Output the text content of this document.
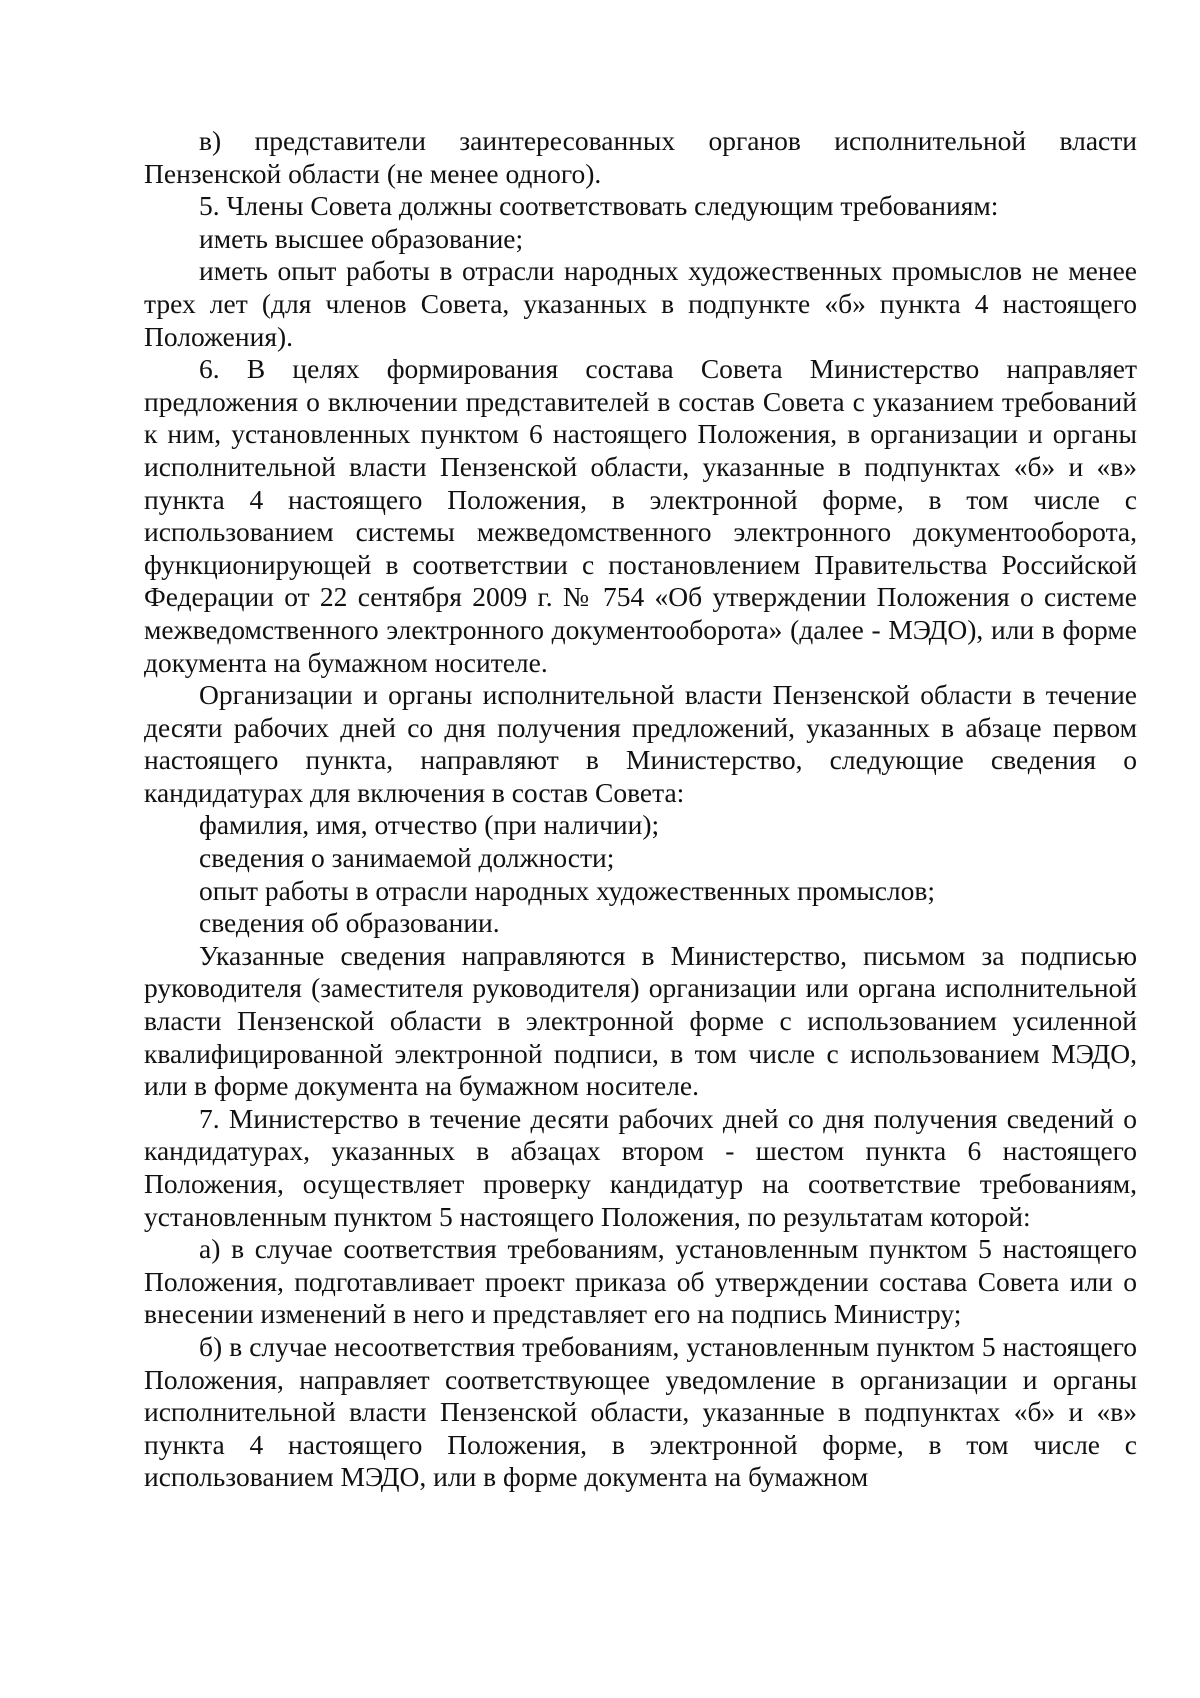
в) представители заинтересованных органов исполнительной власти Пензенской области (не менее одного).

5. Члены Совета должны соответствовать следующим требованиям:

иметь высшее образование;

иметь опыт работы в отрасли народных художественных промыслов не менее трех лет (для членов Совета, указанных в подпункте «б» пункта 4 настоящего Положения).

6. В целях формирования состава Совета Министерство направляет предложения о включении представителей в состав Совета с указанием требований к ним, установленных пунктом 6 настоящего Положения, в организации и органы исполнительной власти Пензенской области, указанные в подпунктах «б» и «в» пункта 4 настоящего Положения, в электронной форме, в том числе с использованием системы межведомственного электронного документооборота, функционирующей в соответствии с постановлением Правительства Российской Федерации от 22 сентября 2009 г. № 754 «Об утверждении Положения о системе межведомственного электронного документооборота» (далее - МЭДО), или в форме документа на бумажном носителе.

Организации и органы исполнительной власти Пензенской области в течение десяти рабочих дней со дня получения предложений, указанных в абзаце первом настоящего пункта, направляют в Министерство, следующие сведения о кандидатурах для включения в состав Совета:

фамилия, имя, отчество (при наличии);

сведения о занимаемой должности;

опыт работы в отрасли народных художественных промыслов;

сведения об образовании.

Указанные сведения направляются в Министерство, письмом за подписью руководителя (заместителя руководителя) организации или органа исполнительной власти Пензенской области в электронной форме с использованием усиленной квалифицированной электронной подписи, в том числе с использованием МЭДО, или в форме документа на бумажном носителе.

7. Министерство в течение десяти рабочих дней со дня получения сведений о кандидатурах, указанных в абзацах втором - шестом пункта 6 настоящего Положения, осуществляет проверку кандидатур на соответствие требованиям, установленным пунктом 5 настоящего Положения, по результатам которой:

а) в случае соответствия требованиям, установленным пунктом 5 настоящего Положения, подготавливает проект приказа об утверждении состава Совета или о внесении изменений в него и представляет его на подпись Министру;

б) в случае несоответствия требованиям, установленным пунктом 5 настоящего Положения, направляет соответствующее уведомление в организации и органы исполнительной власти Пензенской области, указанные в подпунктах «б» и «в» пункта 4 настоящего Положения, в электронной форме, в том числе с использованием МЭДО, или в форме документа на бумажном
